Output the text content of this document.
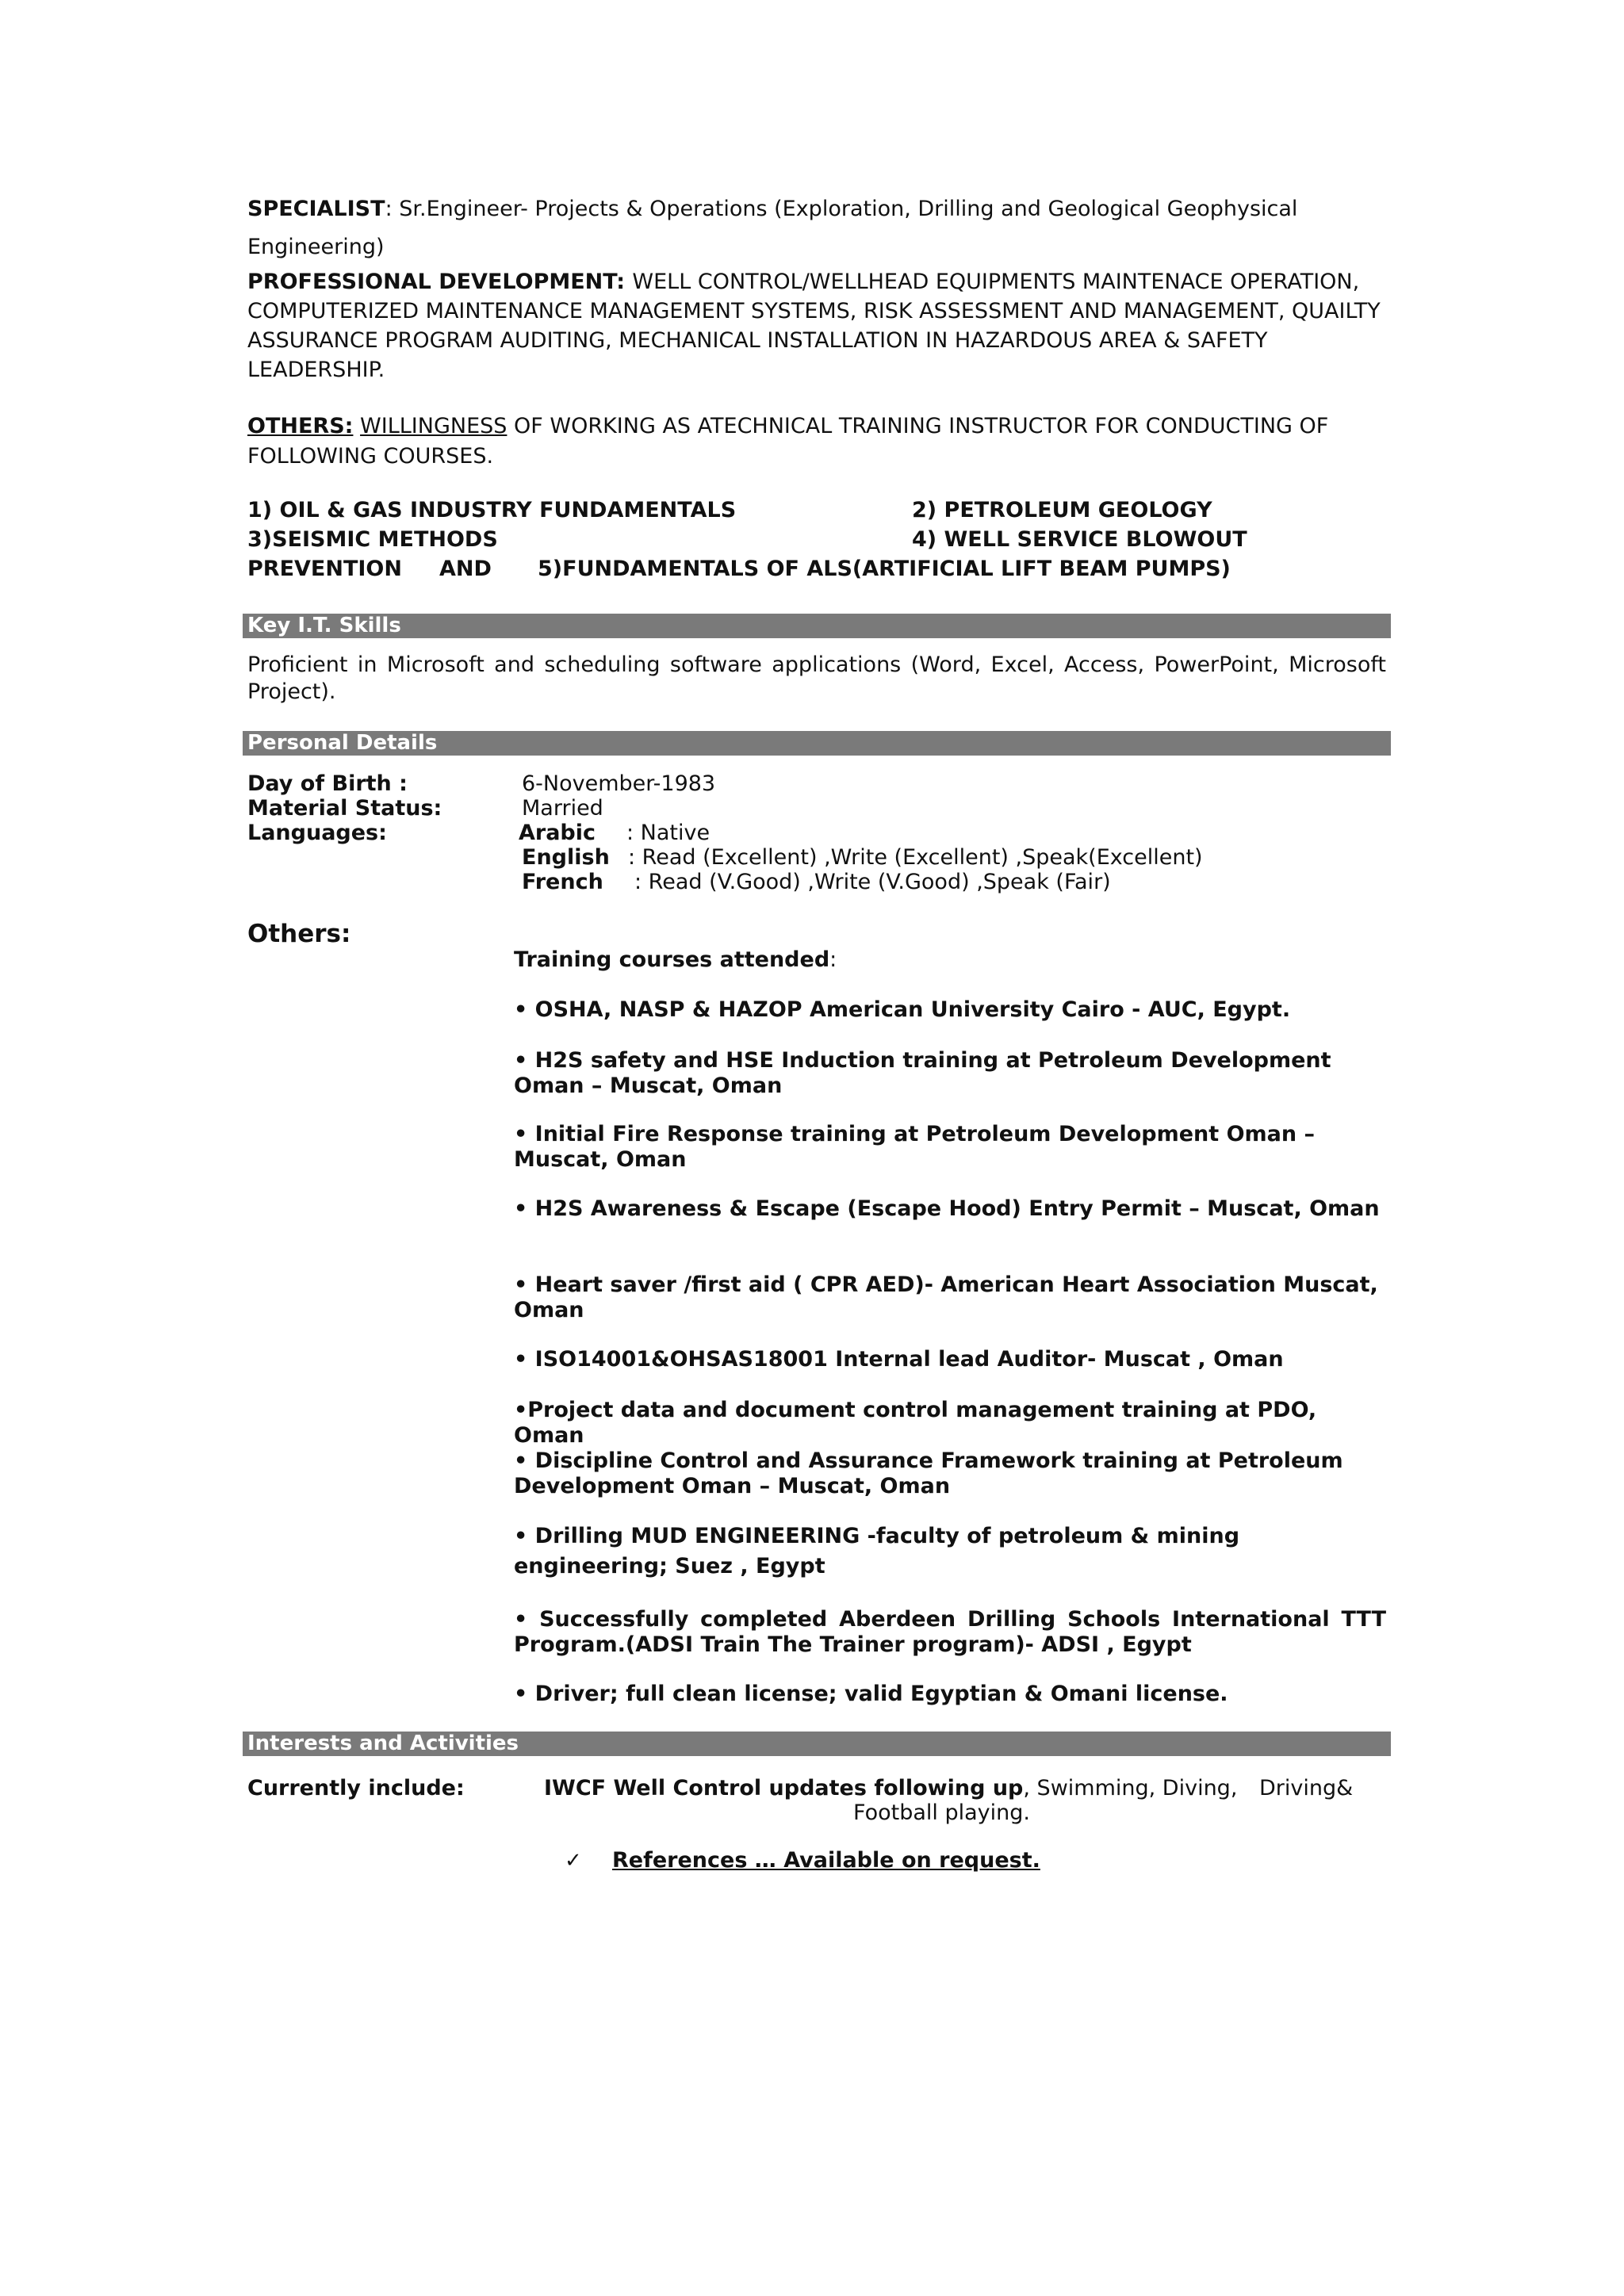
SPECIALIST: Sr.Engineer- Projects & Operations (Exploration, Drilling and Geological Geophysical
Engineering)
PROFESSIONAL DEVELOPMENT: WELL CONTROL/WELLHEAD EQUIPMENTS MAINTENACE OPERATION,
COMPUTERIZED MAINTENANCE MANAGEMENT SYSTEMS, RISK ASSESSMENT AND MANAGEMENT, QUAILTY
ASSURANCE PROGRAM AUDITING, MECHANICAL INSTALLATION IN HAZARDOUS AREA & SAFETY
LEADERSHIP.
OTHERS: WILLINGNESS OF WORKING AS ATECHNICAL TRAINING INSTRUCTOR FOR CONDUCTING OF
FOLLOWING COURSES.
1) OIL & GAS INDUSTRY FUNDAMENTALS	2) PETROLEUM GEOLOGY
3)SEISMIC METHODS	4) WELL SERVICE BLOWOUT
PREVENTION AND 5)FUNDAMENTALS OF ALS(ARTIFICIAL LIFT BEAM PUMPS)
Key I.T. Skills
Proficient in Microsoft and scheduling software applications (Word, Excel, Access, PowerPoint, Microsoft Project).
Personal Details
Day of Birth :	6-November-1983
Material Status:	Married
Languages:	Arabic : Native
English : Read (Excellent) ,Write (Excellent) ,Speak(Excellent)
French : Read (V.Good) ,Write (V.Good) ,Speak (Fair)
Others:
Training courses attended:
• OSHA, NASP & HAZOP American University Cairo - AUC, Egypt.
• H2S safety and HSE Induction training at Petroleum Development Oman – Muscat, Oman
• Initial Fire Response training at Petroleum Development Oman – Muscat, Oman
• H2S Awareness & Escape (Escape Hood) Entry Permit – Muscat, Oman
• Heart saver /first aid ( CPR AED)- American Heart Association Muscat, Oman
• ISO14001&OHSAS18001 Internal lead Auditor- Muscat , Oman
•Project data and document control management training at PDO, Oman
• Discipline Control and Assurance Framework training at Petroleum Development Oman – Muscat, Oman
• Drilling MUD ENGINEERING -faculty of petroleum & mining engineering; Suez , Egypt
• Successfully completed Aberdeen Drilling Schools International TTT Program.(ADSI Train The Trainer program)- ADSI , Egypt
• Driver; full clean license; valid Egyptian & Omani license.
Interests and Activities
Currently include:	IWCF Well Control updates following up, Swimming, Diving, Driving&
Football playing.
✓ References … Available on request.
